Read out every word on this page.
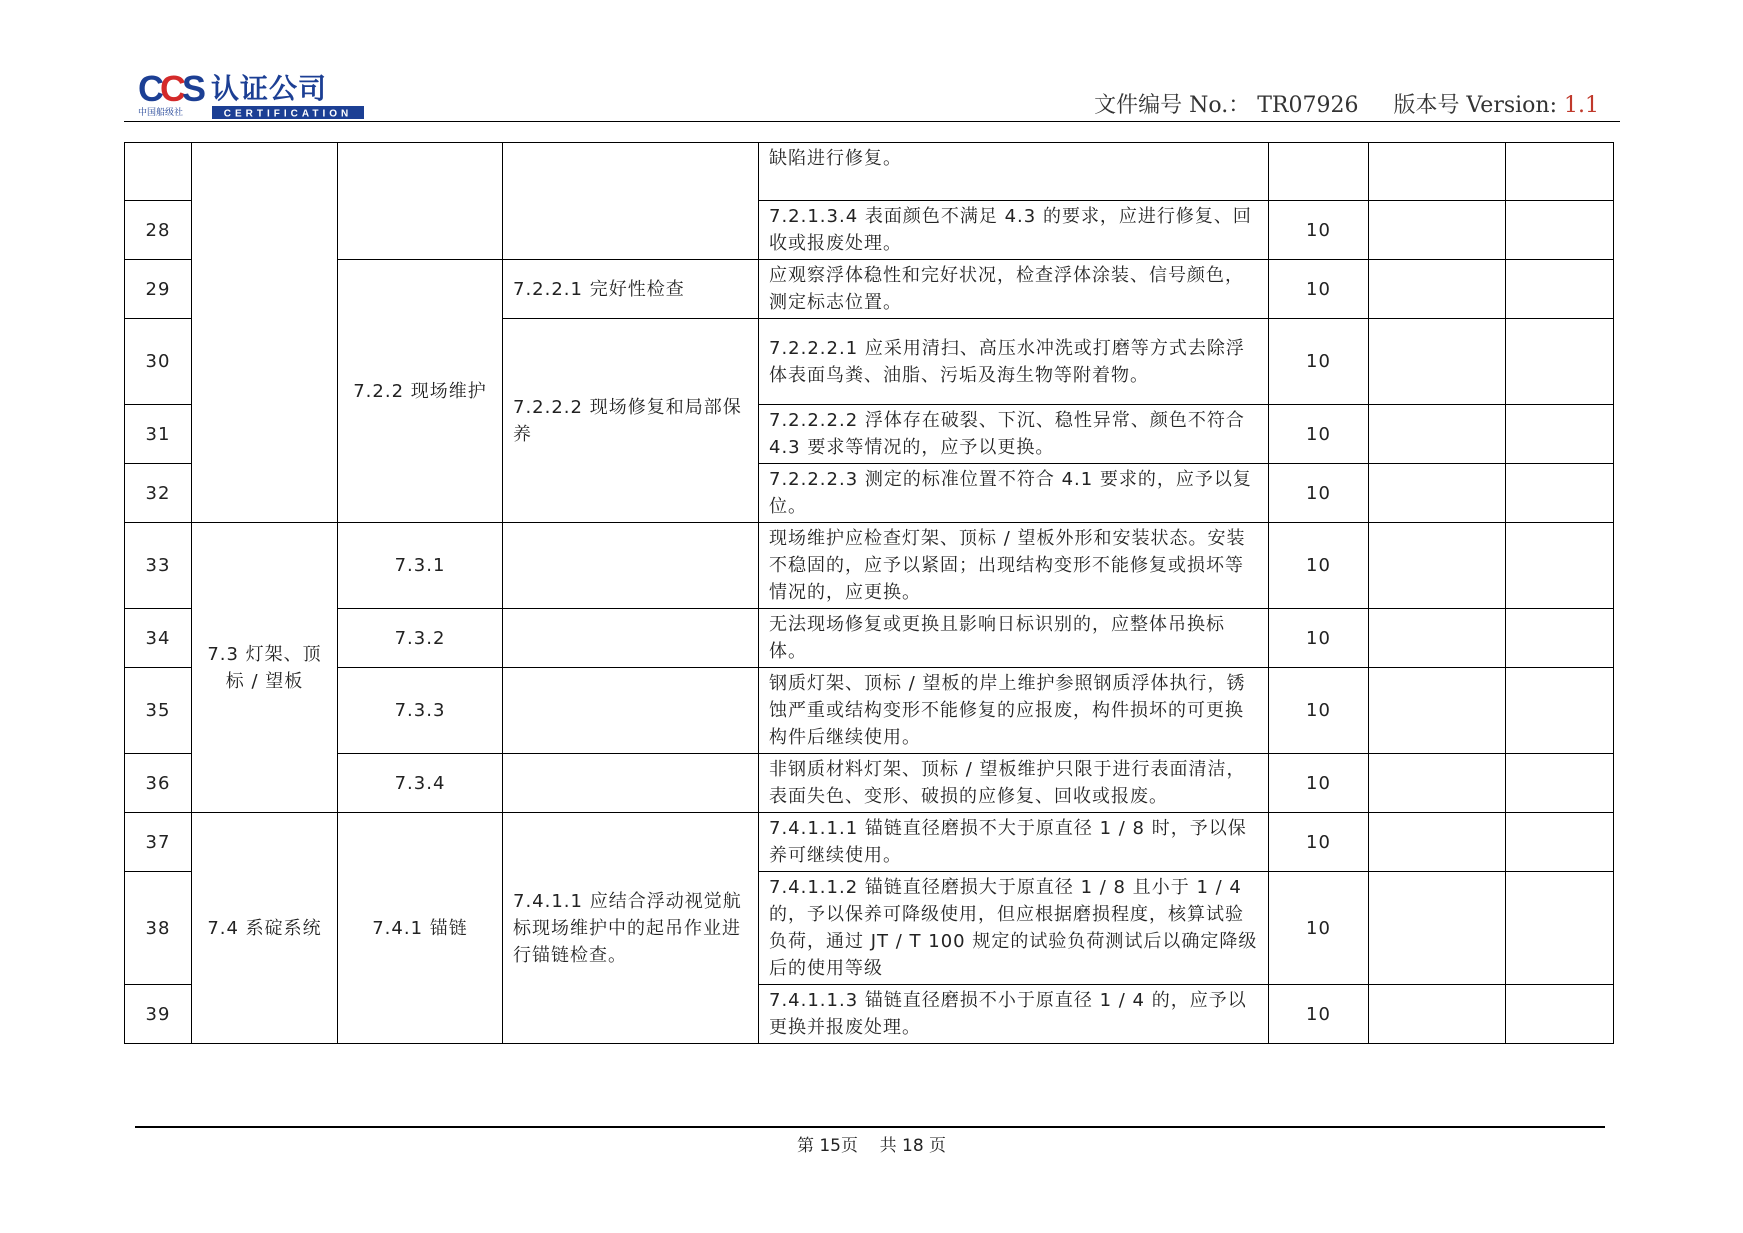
C
C
S 认证公司
中国船级社	CERTIFICATION	文件编号 No.： TR07926 版本号 Version: 1.1
				缺陷进行修复。			
28				7.2.1.3.4 表面颜色不满足 4.3 的要求，应进行修复、回收或报废处理。	10		
29		7.2.2 现场维护	7.2.2.1 完好性检查	应观察浮体稳性和完好状况，检查浮体涂装、信号颜色，测定标志位置。	10		
30			7.2.2.2 现场修复和局部保养	7.2.2.2.1 应采用清扫、高压水冲洗或打磨等方式去除浮体表面鸟粪、油脂、污垢及海生物等附着物。	10		
31				7.2.2.2.2 浮体存在破裂、下沉、稳性异常、颜色不符合 4.3 要求等情况的，应予以更换。	10		
32				7.2.2.2.3 测定的标准位置不符合 4.1 要求的，应予以复位。	10		
33	7.3 灯架、顶标 / 望板	7.3.1		现场维护应检查灯架、顶标 / 望板外形和安装状态。安装不稳固的，应予以紧固；出现结构变形不能修复或损坏等情况的，应更换。	10		
34		7.3.2		无法现场修复或更换且影响日标识别的，应整体吊换标体。	10		
35		7.3.3		钢质灯架、顶标 / 望板的岸上维护参照钢质浮体执行，锈蚀严重或结构变形不能修复的应报废，构件损坏的可更换构件后继续使用。	10		
36		7.3.4		非钢质材料灯架、顶标 / 望板维护只限于进行表面清洁，表面失色、变形、破损的应修复、回收或报废。	10		
37	7.4 系碇系统	7.4.1 锚链	7.4.1.1 应结合浮动视觉航标现场维护中的起吊作业进行锚链检查。	7.4.1.1.1 锚链直径磨损不大于原直径 1 / 8 时，予以保养可继续使用。	10		
38				7.4.1.1.2 锚链直径磨损大于原直径 1 / 8 且小于 1 / 4 的，予以保养可降级使用，但应根据磨损程度，核算试验负荷，通过 JT / T 100 规定的试验负荷测试后以确定降级后的使用等级	10		
39				7.4.1.1.3 锚链直径磨损不小于原直径 1 / 4 的，应予以更换并报废处理。	10		
第 15页    共 18 页
